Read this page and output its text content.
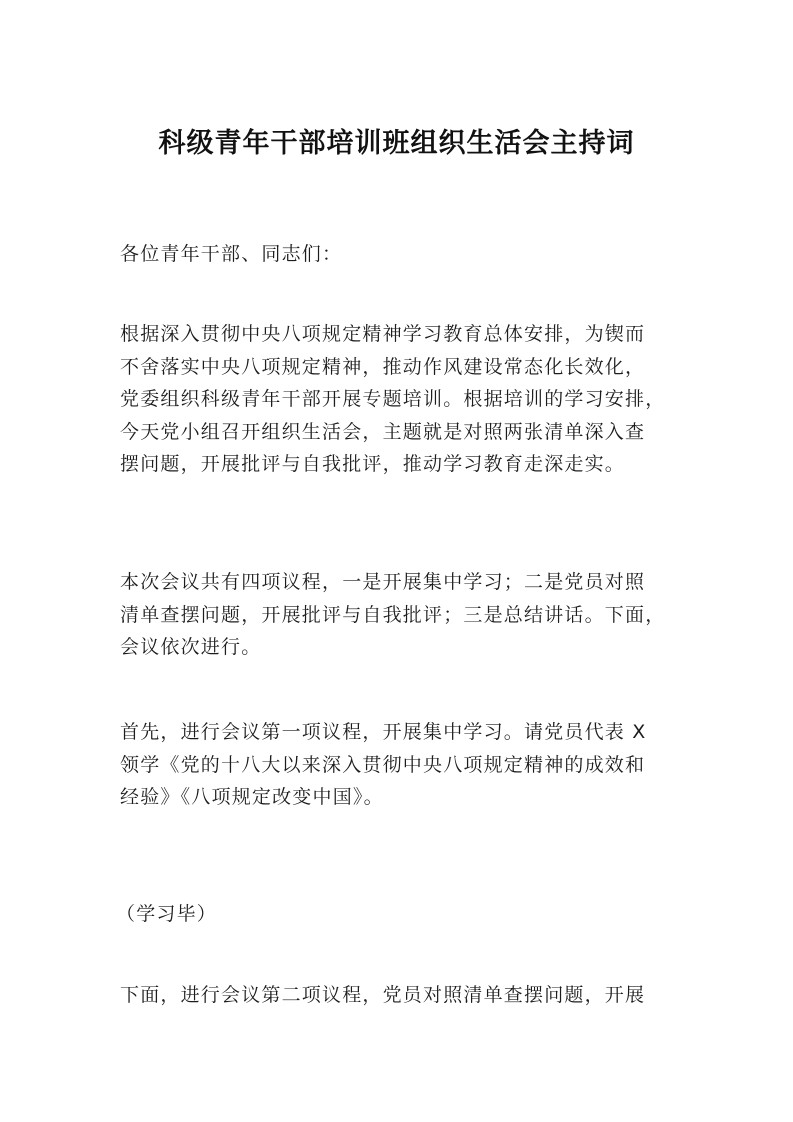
科级青年干部培训班组织生活会主持词
各位青年干部、同志们：
根据深入贯彻中央八项规定精神学习教育总体安排，为锲而
不舍落实中央八项规定精神，推动作风建设常态化长效化，
党委组织科级青年干部开展专题培训。根据培训的学习安排，
今天党小组召开组织生活会，主题就是对照两张清单深入查
摆问题，开展批评与自我批评，推动学习教育走深走实。
本次会议共有四项议程，一是开展集中学习；二是党员对照
清单查摆问题，开展批评与自我批评；三是总结讲话。下面，
会议依次进行。
首先，进行会议第一项议程，开展集中学习。请党员代表 X
领学《党的十八大以来深入贯彻中央八项规定精神的成效和
经验》《八项规定改变中国》。
（学习毕）
下面，进行会议第二项议程，党员对照清单查摆问题，开展
